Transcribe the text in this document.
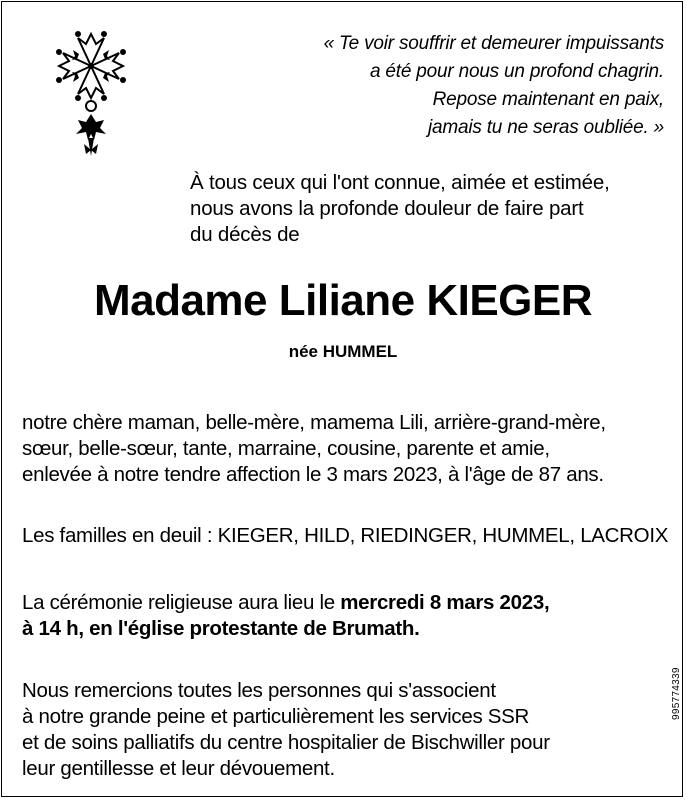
« Te voir souffrir et demeurer impuissants
a été pour nous un profond chagrin.
Repose maintenant en paix,
jamais tu ne seras oubliée. »
À tous ceux qui l'ont connue, aimée et estimée,
nous avons la profonde douleur de faire part
du décès de
Madame Liliane KIEGER
née HUMMEL
notre chère maman, belle-mère, mamema Lili, arrière-grand-mère,
sœur, belle-sœur, tante, marraine, cousine, parente et amie,
enlevée à notre tendre affection le 3 mars 2023, à l'âge de 87 ans.
Les familles en deuil : KIEGER, HILD, RIEDINGER, HUMMEL, LACROIX
La cérémonie religieuse aura lieu le mercredi 8 mars 2023,
à 14 h, en l'église protestante de Brumath.
Nous remercions toutes les personnes qui s'associent
à notre grande peine et particulièrement les services SSR
et de soins palliatifs du centre hospitalier de Bischwiller pour
leur gentillesse et leur dévouement.
995774339
